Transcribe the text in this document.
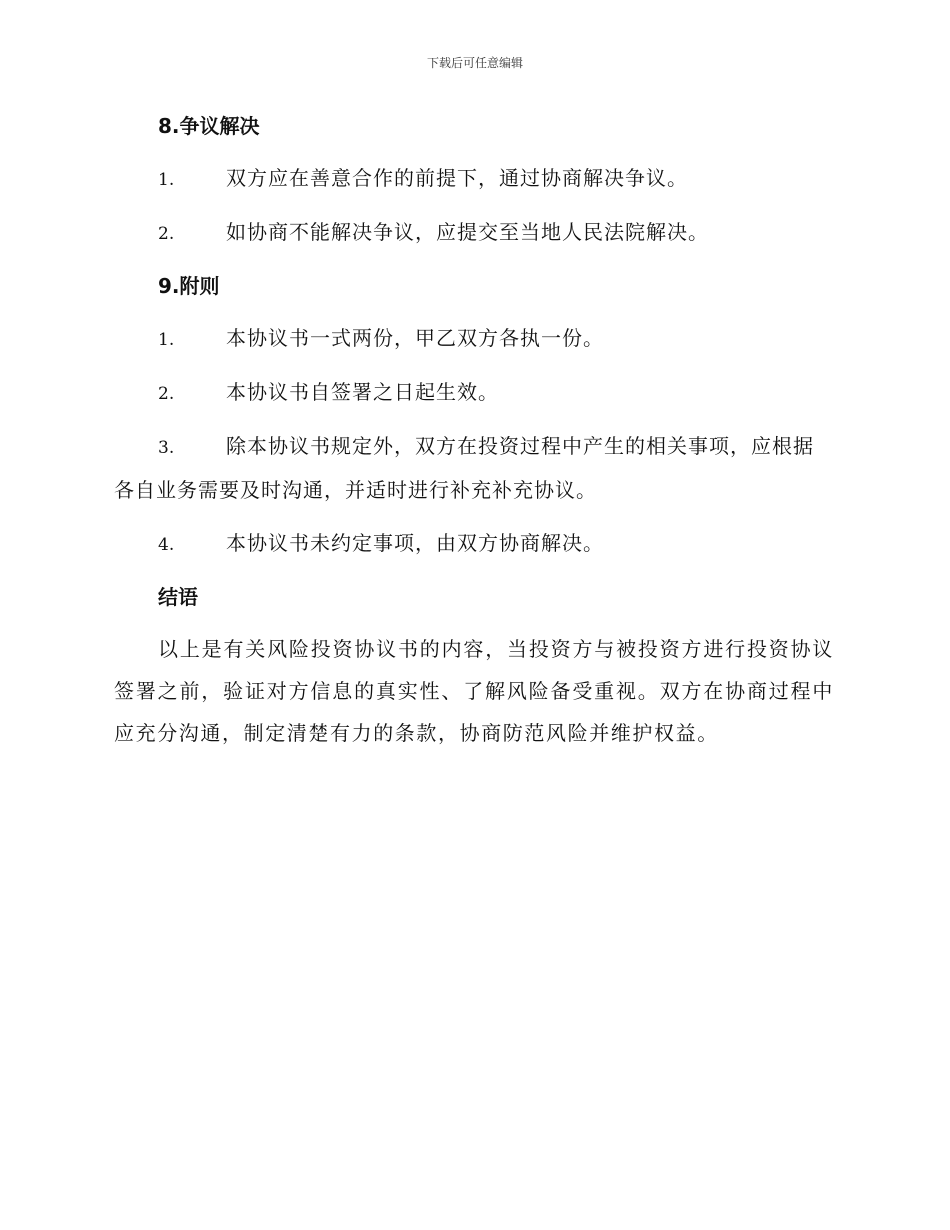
下载后可任意编辑
8.争议解决
1.	双方应在善意合作的前提下，通过协商解决争议。
2.	如协商不能解决争议，应提交至当地人民法院解决。
9.附则
1.	本协议书一式两份，甲乙双方各执一份。
2.	本协议书自签署之日起生效。
3.	除本协议书规定外，双方在投资过程中产生的相关事项，应根据各自业务需要及时沟通，并适时进行补充补充协议。
4.	本协议书未约定事项，由双方协商解决。
结语

以上是有关风险投资协议书的内容，当投资方与被投资方进行投资协议签署之前，验证对方信息的真实性、了解风险备受重视。双方在协商过程中应充分沟通，制定清楚有力的条款，协商防范风险并维护权益。
